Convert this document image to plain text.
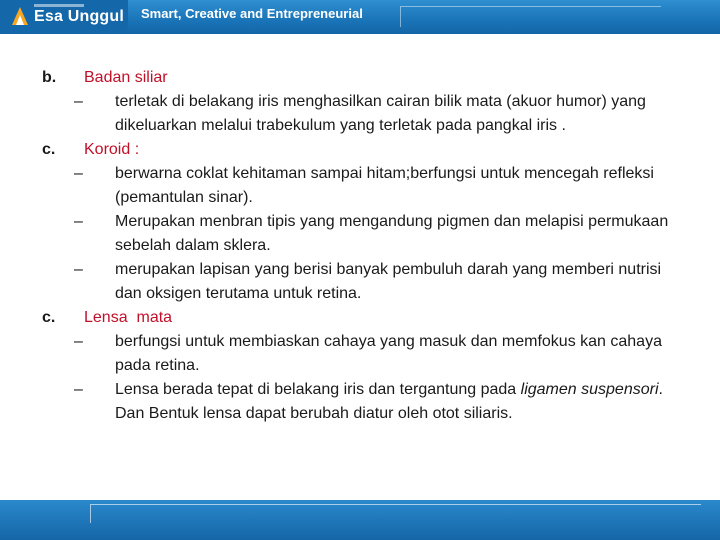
Esa Unggul Smart, Creative and Entrepreneurial
b. Badan siliar
– terletak di belakang iris menghasilkan cairan bilik mata (akuor humor) yang dikeluarkan melalui trabekulum yang terletak pada pangkal iris .
c. Koroid :
– berwarna coklat kehitaman sampai hitam;berfungsi untuk mencegah refleksi (pemantulan sinar).
– Merupakan menbran tipis yang mengandung pigmen dan melapisi permukaan sebelah dalam sklera.
– merupakan lapisan yang berisi banyak pembuluh darah yang memberi nutrisi dan oksigen terutama untuk retina.
c. Lensa  mata
– berfungsi untuk membiaskan cahaya yang masuk dan memfokus kan cahaya pada retina.
– Lensa berada tepat di belakang iris dan tergantung pada ligamen suspensori. Dan Bentuk lensa dapat berubah diatur oleh otot siliaris.
